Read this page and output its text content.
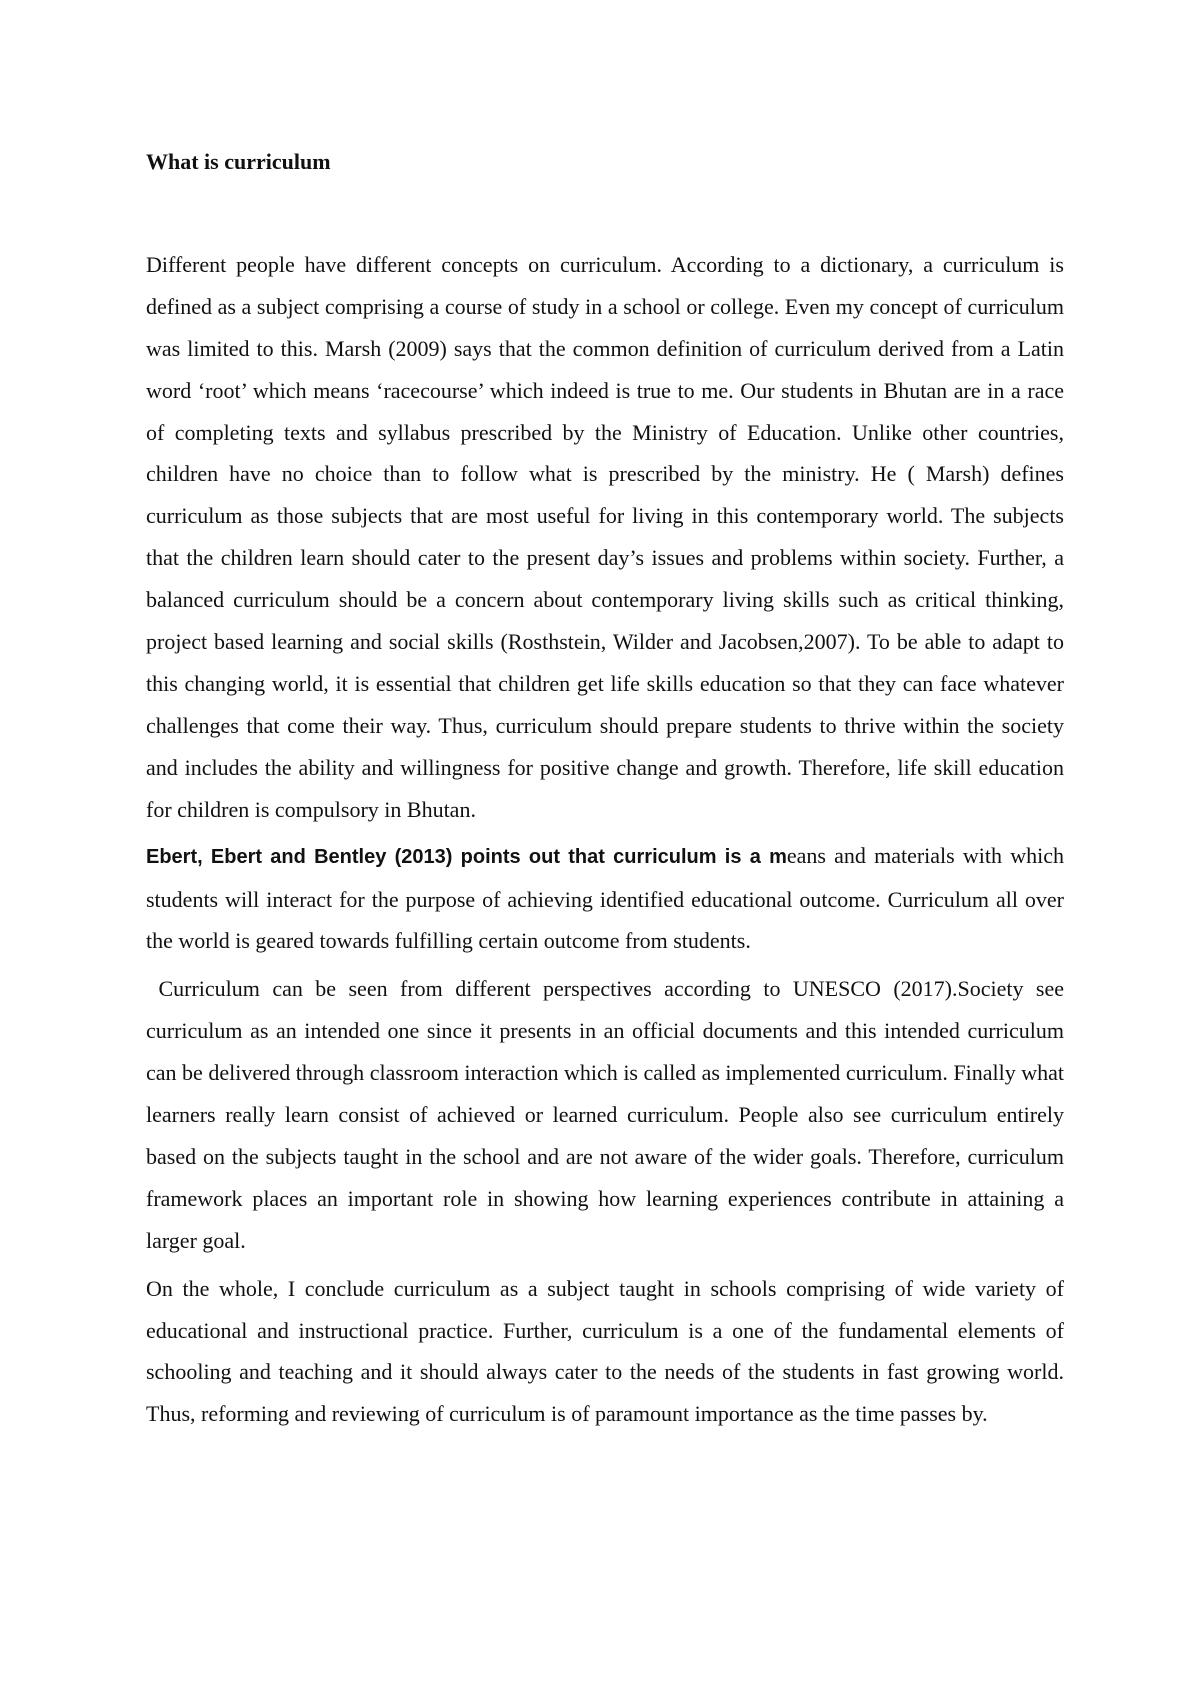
What is curriculum

Different people have different concepts on curriculum. According to a dictionary, a curriculum is defined as a subject comprising a course of study in a school or college. Even my concept of curriculum was limited to this. Marsh (2009) says that the common definition of curriculum derived from a Latin word ‘root’ which means ‘racecourse’ which indeed is true to me. Our students in Bhutan are in a race of completing texts and syllabus prescribed by the Ministry of Education. Unlike other countries, children have no choice than to follow what is prescribed by the ministry. He ( Marsh) defines curriculum as those subjects that are most useful for living in this contemporary world. The subjects that the children learn should cater to the present day’s issues and problems within society. Further, a balanced curriculum should be a concern about contemporary living skills such as critical thinking, project based learning and social skills (Rosthstein, Wilder and Jacobsen,2007). To be able to adapt to this changing world, it is essential that children get life skills education so that they can face whatever challenges that come their way. Thus, curriculum should prepare students to thrive within the society and includes the ability and willingness for positive change and growth. Therefore, life skill education for children is compulsory in Bhutan.

Ebert, Ebert and Bentley (2013) points out that curriculum is a means and materials with which students will interact for the purpose of achieving identified educational outcome. Curriculum all over the world is geared towards fulfilling certain outcome from students.

Curriculum can be seen from different perspectives according to UNESCO (2017).Society see curriculum as an intended one since it presents in an official documents and this intended curriculum can be delivered through classroom interaction which is called as implemented curriculum. Finally what learners really learn consist of achieved or learned curriculum. People also see curriculum entirely based on the subjects taught in the school and are not aware of the wider goals. Therefore, curriculum framework places an important role in showing how learning experiences contribute in attaining a larger goal.

On the whole, I conclude curriculum as a subject taught in schools comprising of wide variety of educational and instructional practice. Further, curriculum is a one of the fundamental elements of schooling and teaching and it should always cater to the needs of the students in fast growing world. Thus, reforming and reviewing of curriculum is of paramount importance as the time passes by.
